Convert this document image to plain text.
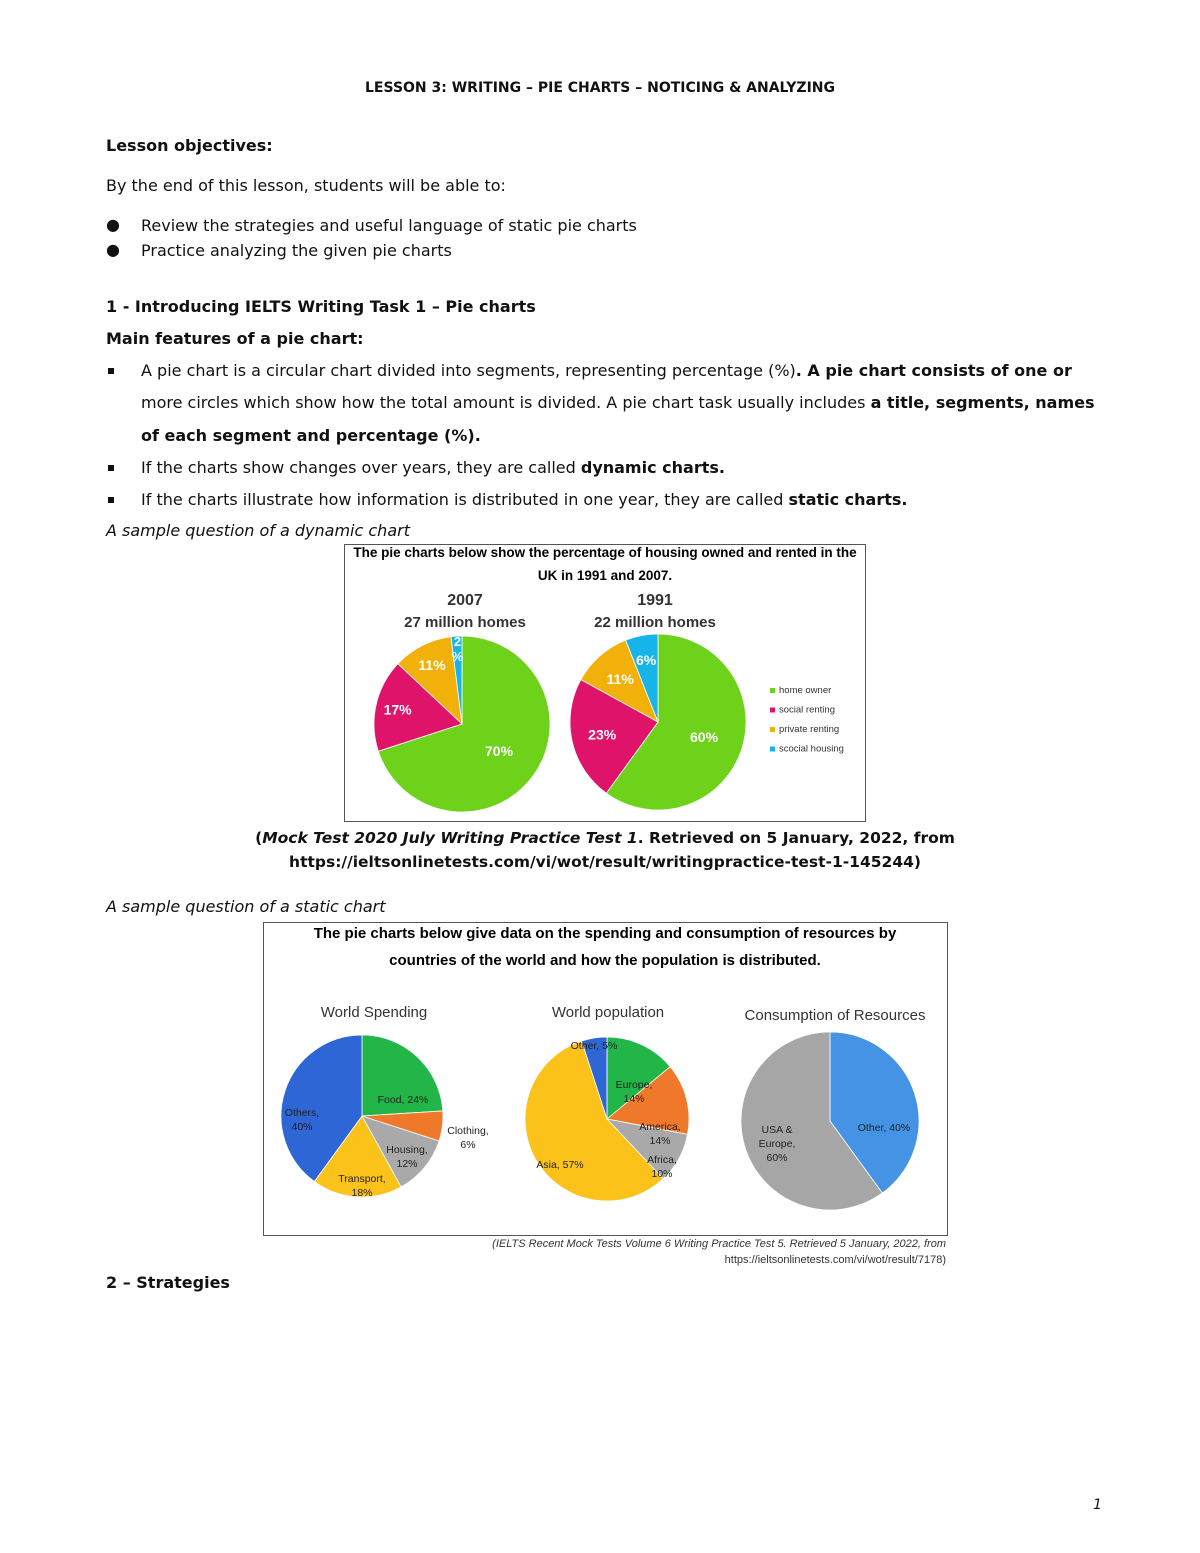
LESSON 3: WRITING – PIE CHARTS – NOTICING & ANALYZING
Lesson objectives:
By the end of this lesson, students will be able to:
● Review the strategies and useful language of static pie charts
● Practice analyzing the given pie charts
1 - Introducing IELTS Writing Task 1 – Pie charts
Main features of a pie chart:
A pie chart is a circular chart divided into segments, representing percentage (%). A pie chart consists of one or
more circles which show how the total amount is divided. A pie chart task usually includes a title, segments, names
of each segment and percentage (%).
If the charts show changes over years, they are called dynamic charts.
If the charts illustrate how information is distributed in one year, they are called static charts.
A sample question of a dynamic chart
The pie charts below show the percentage of housing owned and rented in the
UK in 1991 and 2007.
2007
27 million homes
1991
22 million homes
70%
17%
11%
2
%
60%
23%
11%
6%
home owner
social renting
private renting
scocial housing
(Mock Test 2020 July Writing Practice Test 1. Retrieved on 5 January, 2022, from
https://ieltsonlinetests.com/vi/wot/result/writingpractice-test-1-145244)
A sample question of a static chart
The pie charts below give data on the spending and consumption of resources by
countries of the world and how the population is distributed.
World Spending	World population	Consumption of Resources
Food, 24%
Clothing,
6%
Housing,
12%
Transport,
18%
Others,
40%
Europe,
14%
America,
14%
Africa,
10%
Asia, 57%
Other, 5%
Other, 40%
USA &
Europe,
60%
(IELTS Recent Mock Tests Volume 6 Writing Practice Test 5. Retrieved 5 January, 2022, from
https://ieltsonlinetests.com/vi/wot/result/7178)
2 – Strategies
1
